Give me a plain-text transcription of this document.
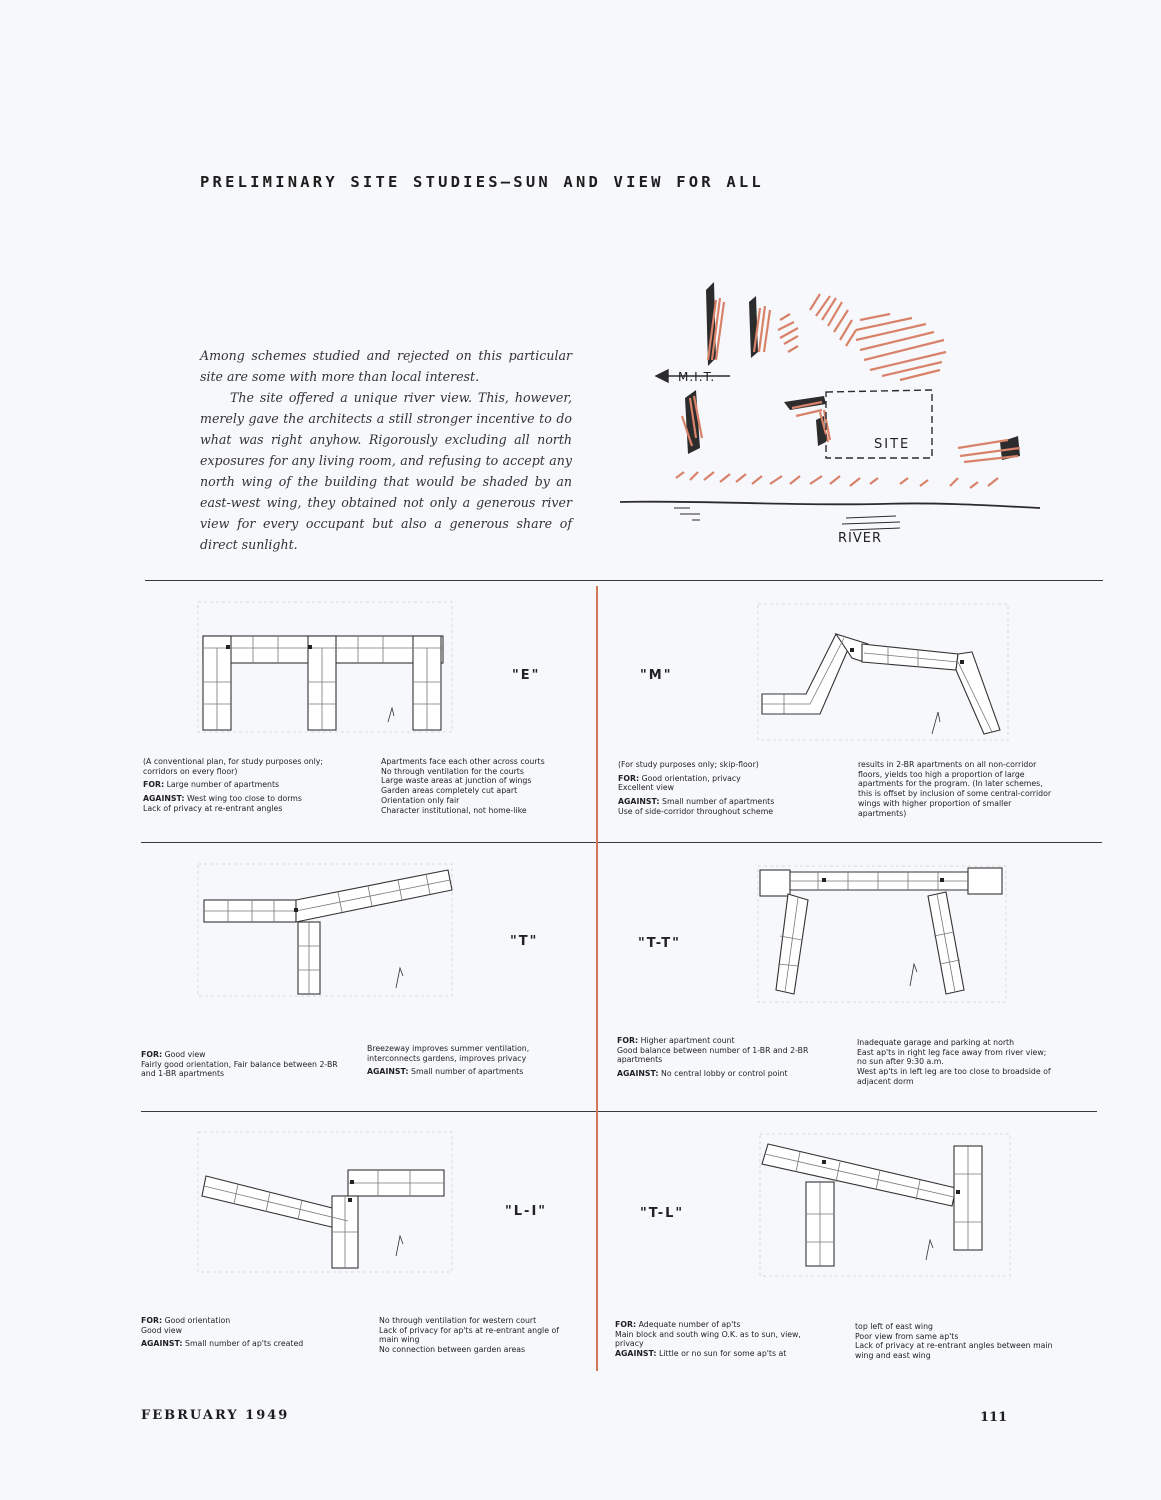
PRELIMINARY SITE STUDIES—SUN AND VIEW FOR ALL

Among schemes studied and rejected on this particular site are some with more than local interest.

The site offered a unique river view. This, however, merely gave the architects a still stronger incentive to do what was right anyhow. Rigorously excluding all north exposures for any living room, and refusing to accept any north wing of the building that would be shaded by an east-west wing, they obtained not only a generous river view for every occupant but also a generous share of direct sunlight.

M.I.T.
SITE
RIVER
"E"

(A conventional plan, for study purposes only; corridors on every floor)

FOR: Large number of apartments

AGAINST: West wing too close to dorms

Lack of privacy at re-entrant angles

Apartments face each other across courts

No through ventilation for the courts

Large waste areas at junction of wings

Garden areas completely cut apart

Orientation only fair

Character institutional, not home-like

"M"

(For study purposes only; skip-floor)

FOR: Good orientation, privacy

Excellent view

AGAINST: Small number of apartments

Use of side-corridor throughout scheme

results in 2-BR apartments on all non-corridor floors, yields too high a proportion of large apartments for the program. (In later schemes, this is offset by inclusion of some central-corridor wings with higher proportion of smaller apartments)

"T"

FOR: Good view

Fairly good orientation, Fair balance between 2-BR and 1-BR apartments

Breezeway improves summer ventilation, interconnects gardens, improves privacy

AGAINST: Small number of apartments

"T-T"

FOR: Higher apartment count

Good balance between number of 1-BR and 2-BR apartments

AGAINST: No central lobby or control point

Inadequate garage and parking at north

East ap'ts in right leg face away from river view; no sun after 9:30 a.m.

West ap'ts in left leg are too close to broadside of adjacent dorm

"L-I"

FOR: Good orientation

Good view

AGAINST: Small number of ap'ts created

No through ventilation for western court

Lack of privacy for ap'ts at re-entrant angle of main wing

No connection between garden areas

"T-L"

FOR: Adequate number of ap'ts

Main block and south wing O.K. as to sun, view, privacy

AGAINST: Little or no sun for some ap'ts at

top left of east wing

Poor view from same ap'ts

Lack of privacy at re-entrant angles between main wing and east wing

FEBRUARY 1949	111
